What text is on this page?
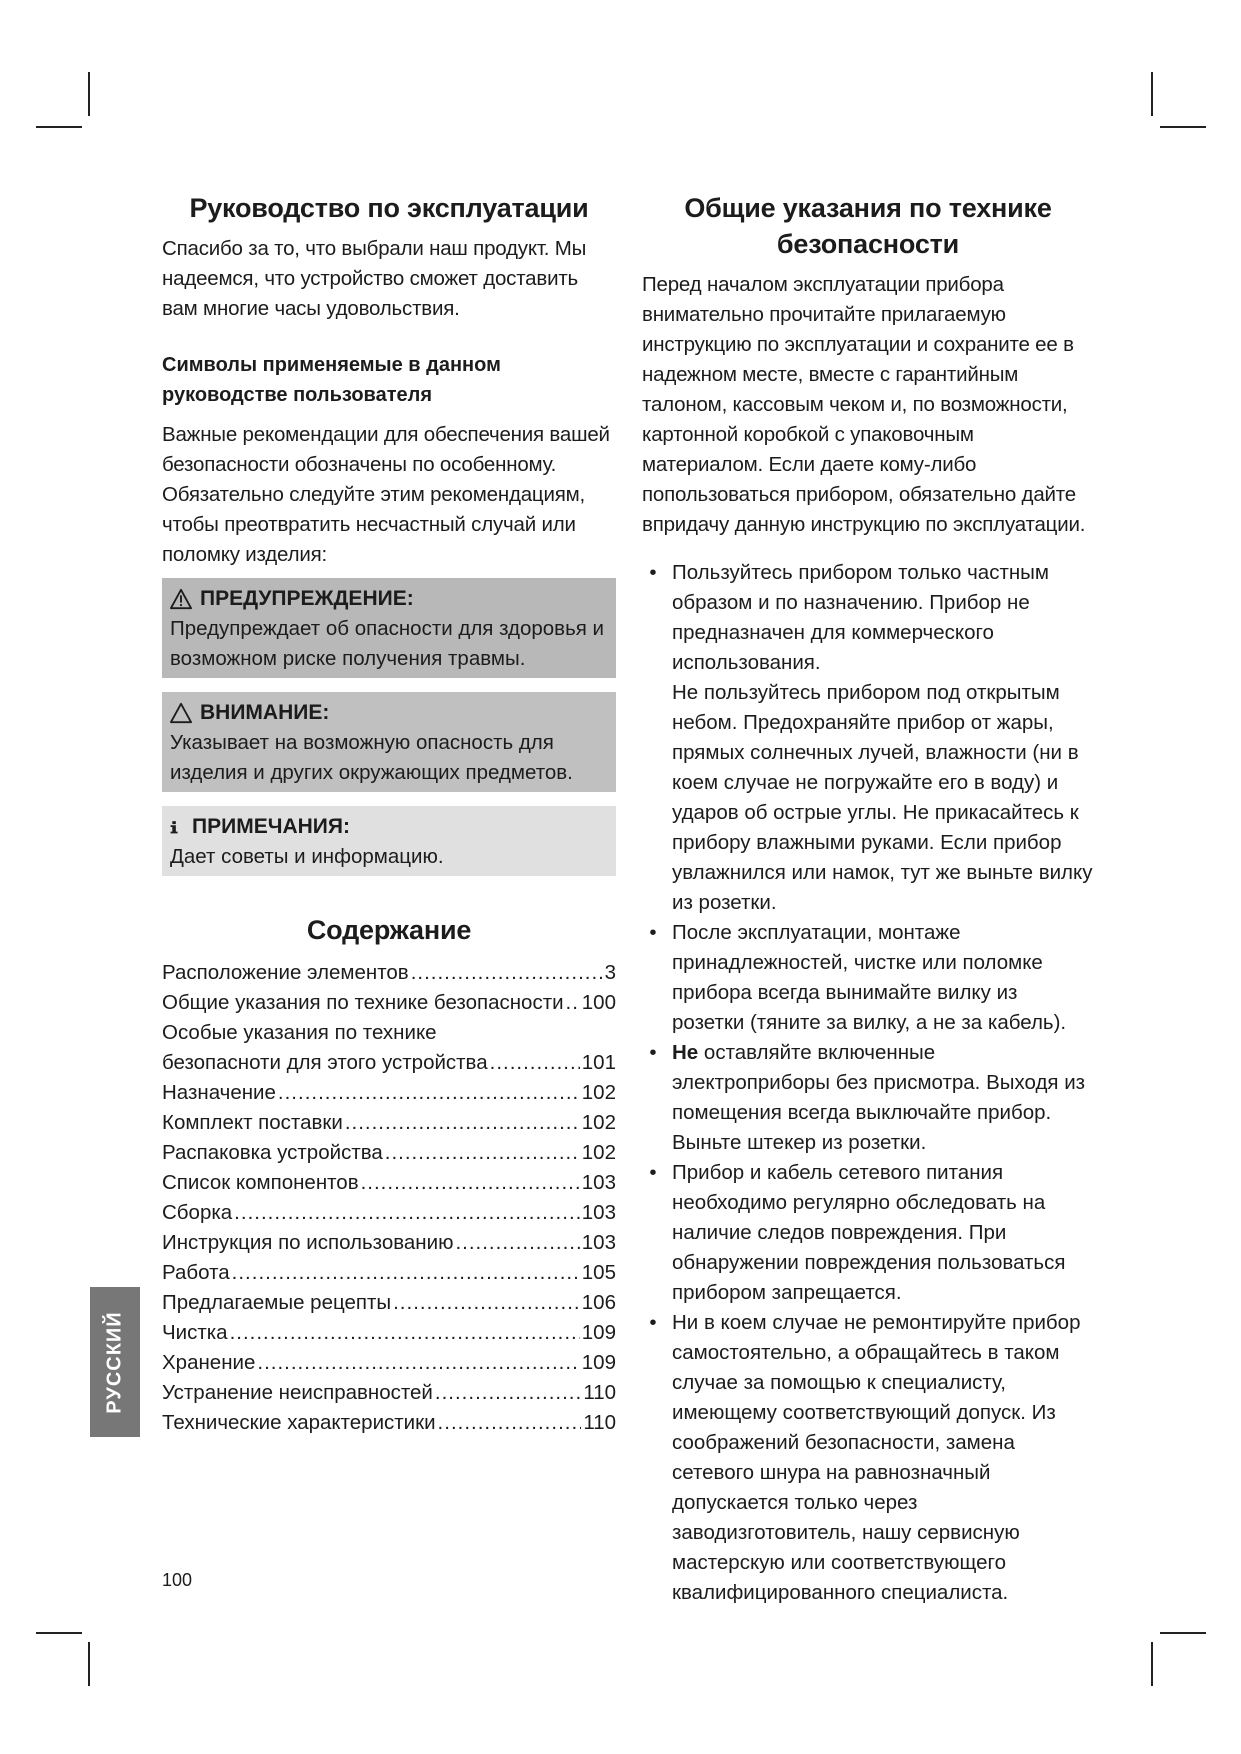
Руководство по эксплуатации

Спасибо за то, что выбрали наш продукт. Мы надеемся, что устройство сможет доставить вам многие часы удовольствия.

Символы применяемые в данном руководстве пользователя

Важные рекомендации для обеспечения вашей безопасности обозначены по особенному. Обязательно следуйте этим рекомендациям, чтобы преотвратить несчастный случай или поломку изделия:

ПРЕДУПРЕЖДЕНИЕ:
Предупреждает об опасности для здоровья и возможном риске получения травмы.
ВНИМАНИЕ:
Указывает на возможную опасность для изделия и других окружающих предметов.
ПРИМЕЧАНИЯ:
Дает советы и информацию.
Содержание
Расположение элементов .....	3
Общие указания по технике безопасности ..... 100
Особые указания по технике
безопасноти для этого устройства .....	101
Назначение .....	102
Комплект поставки .....	102
Распаковка устройства .....	102
Список компонентов .....	103
Сборка .....	103
Инструкция по использованию .....	103
Работа .....	105
Предлагаемые рецепты .....	106
Чистка .....	109
Хранение .....	109
Устранение неисправностей .....	110
Технические характеристики .....	110
Общие указания по технике
безопасности

Перед началом эксплуатации прибора внимательно прочитайте прилагаемую инструкцию по эксплуатации и сохраните ее в надежном месте, вместе с гарантийным талоном, кассовым чеком и, по возможности, картонной коробкой с упаковочным материалом. Если даете кому-либо попользоваться прибором, обязательно дайте впридачу данную инструкцию по эксплуатации.

• Пользуйтесь прибором только частным образом и по назначению. Прибор не предназначен для коммерческого использования.
Не пользуйтесь прибором под открытым небом. Предохраняйте прибор от жары, прямых солнечных лучей, влажности (ни в коем случае не погружайте его в воду) и ударов об острые углы. Не прикасайтесь к прибору влажными руками. Если прибор увлажнился или намок, тут же выньте вилку из розетки.
• После эксплуатации, монтаже принадлежностей, чистке или поломке прибора всегда вынимайте вилку из розетки (тяните за вилку, а не за кабель).
• Не оставляйте включенные электроприборы без присмотра. Выходя из помещения всегда выключайте прибор. Выньте штекер из розетки.
• Прибор и кабель сетевого питания необходимо регулярно обследовать на наличие следов повреждения. При обнаружении повреждения пользоваться прибором запрещается.
• Ни в коем случае не ремонтируйте прибор самостоятельно, а обращайтесь в таком случае за помощью к специалисту, имеющему соответствующий допуск. Из соображений безопасности, замена сетевого шнура на равнозначный допускается только через заводизготовитель, нашу сервисную мастерскую или соответствующего квалифицированного специалиста.
РУССКИЙ
100
